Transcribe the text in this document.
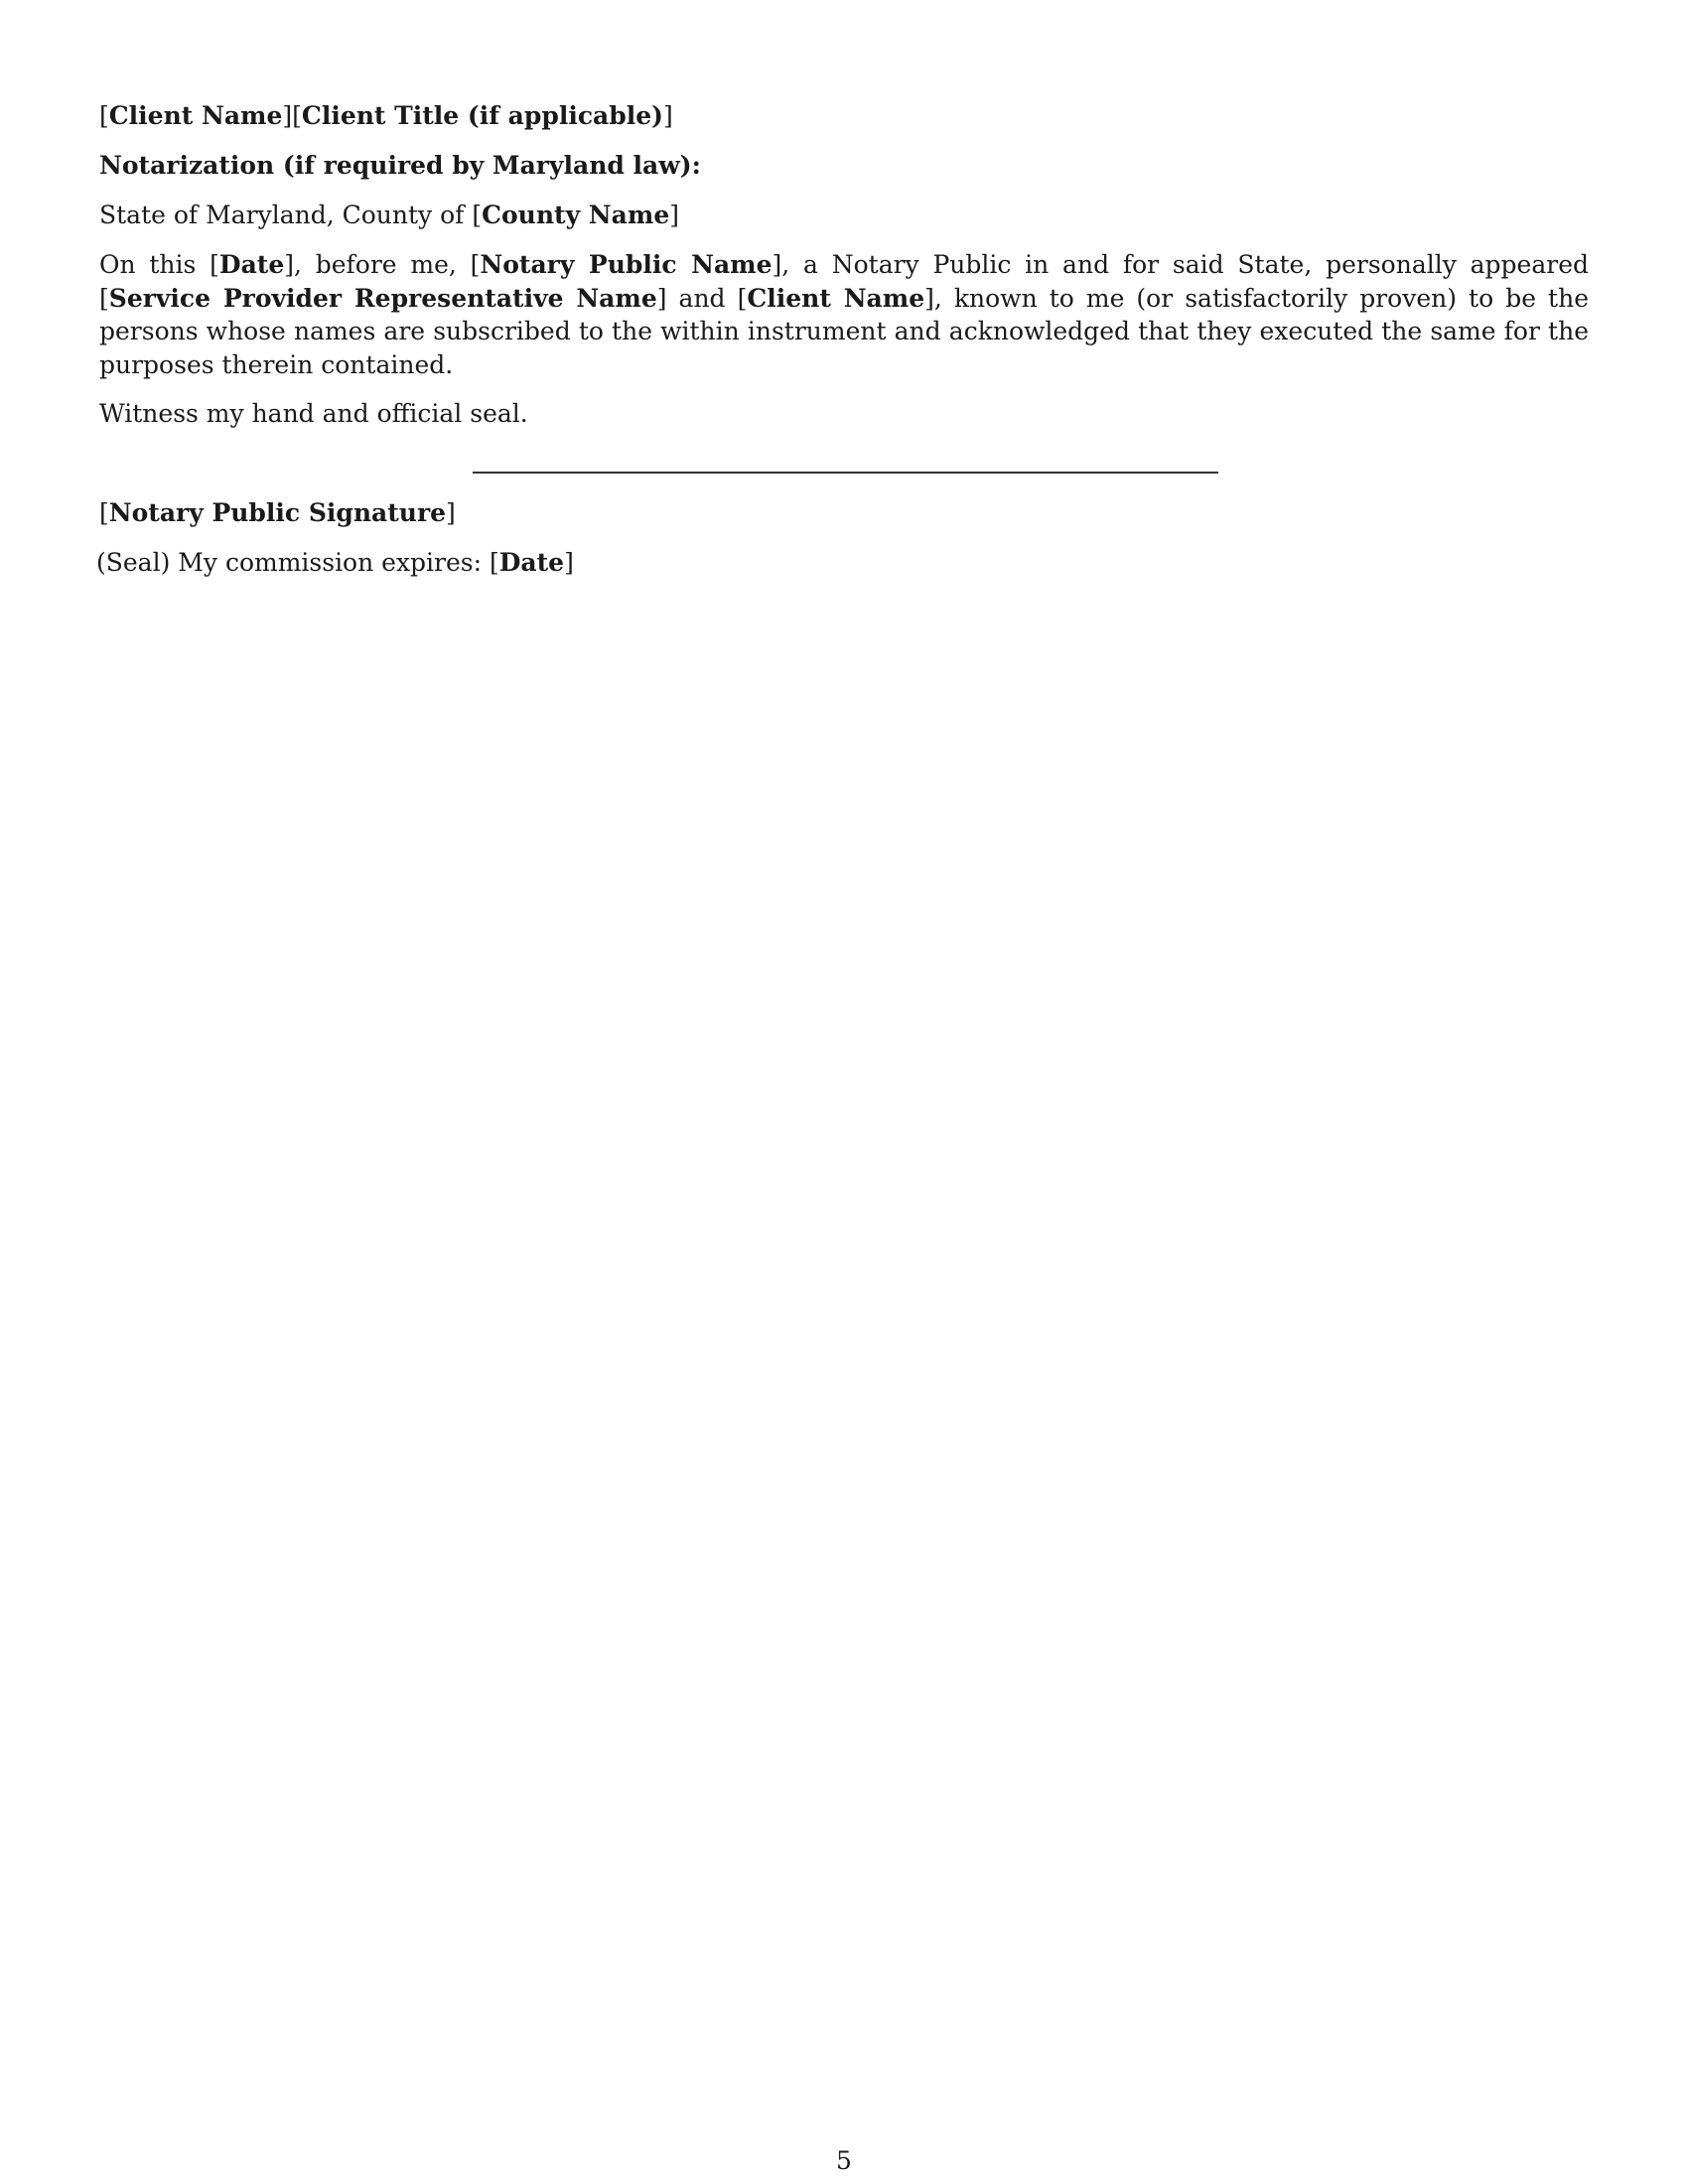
[Client Name][Client Title (if applicable)]
Notarization (if required by Maryland law):
State of Maryland, County of [County Name]
On this [Date], before me, [Notary Public Name], a Notary Public in and for said State, personally appeared [Service Provider Representative Name] and [Client Name], known to me (or satisfactorily proven) to be the persons whose names are subscribed to the within instrument and acknowledged that they executed the same for the purposes therein contained.
Witness my hand and official seal.
[Notary Public Signature]
(Seal) My commission expires: [Date]
5
